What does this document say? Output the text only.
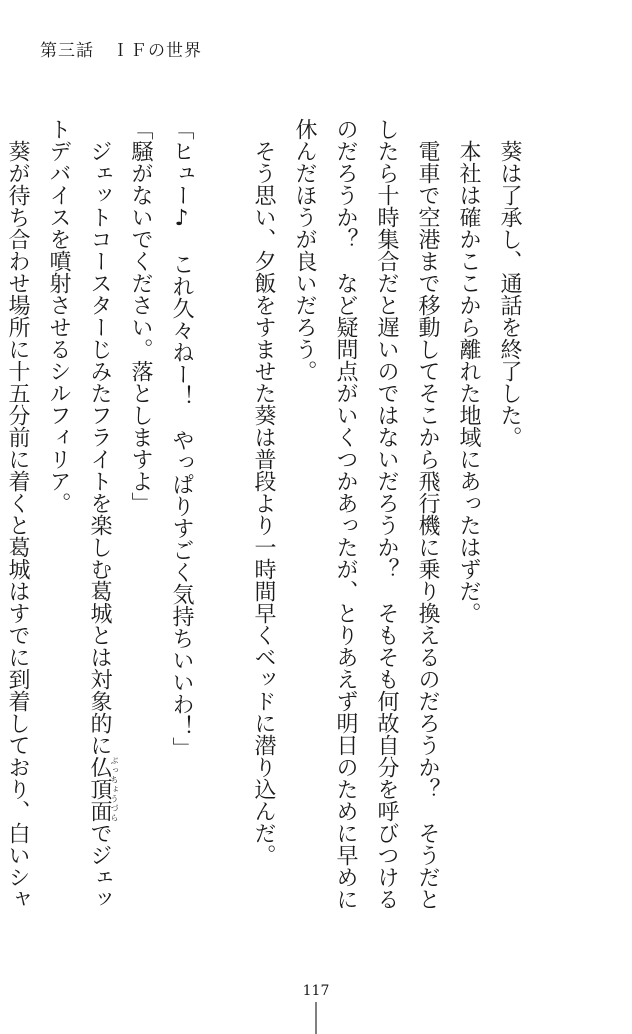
第三話　ＩＦの世界

葵は了承し、通話を終了した。

本社は確かここから離れた地域にあったはずだ。

電車で空港まで移動してそこから飛行機に乗り換えるのだろうか？　そうだとしたら十時集合だと遅いのではないだろうか？　そもそも何故自分を呼びつけるのだろうか？　など疑問点がいくつかあったが、とりあえず明日のために早めに休んだほうが良いだろう。

そう思い、夕飯をすませた葵は普段より一時間早くベッドに潜り込んだ。

「ヒュー♪　これ久々ねー！　やっぱりすごく気持ちいいわ！」

「騒がないでください。落としますよ」

ジェットコースターじみたフライトを楽しむ葛城とは対象的に仏頂面ぶっちょうづらでジェットデバイスを噴射させるシルフィリア。

葵が待ち合わせ場所に十五分前に着くと葛城はすでに到着しており、白いシャ

117
